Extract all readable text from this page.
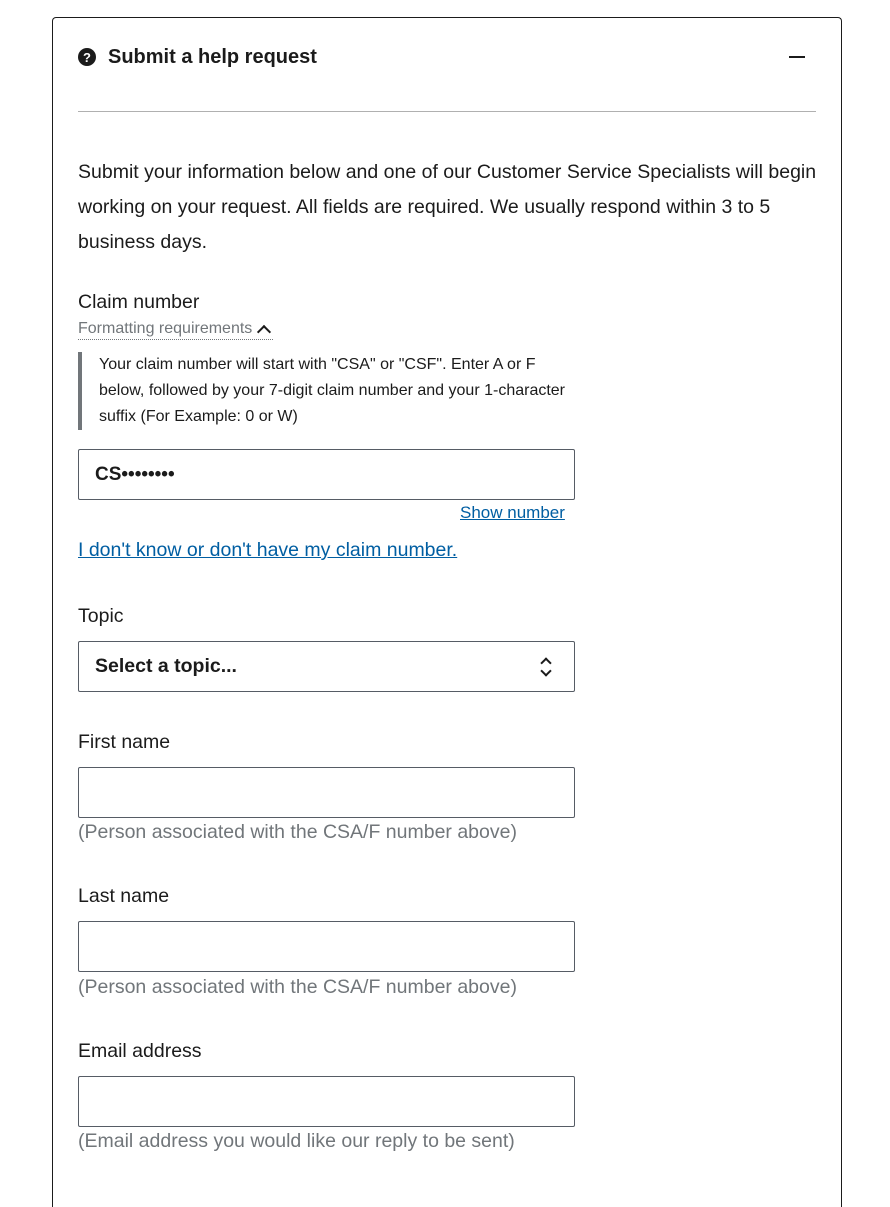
? Submit a help request

Submit your information below and one of our Customer Service Specialists will begin working on your request. All fields are required. We usually respond within 3 to 5 business days.

Claim number
Formatting requirements
Your claim number will start with "CSA" or "CSF". Enter A or F below, followed by your 7-digit claim number and your 1-character suffix (For Example: 0 or W)
CS••••••••
Show number
I don't know or don't have my claim number.
Topic
Select a topic...
First name
(Person associated with the CSA/F number above)
Last name
(Person associated with the CSA/F number above)
Email address
(Email address you would like our reply to be sent)
